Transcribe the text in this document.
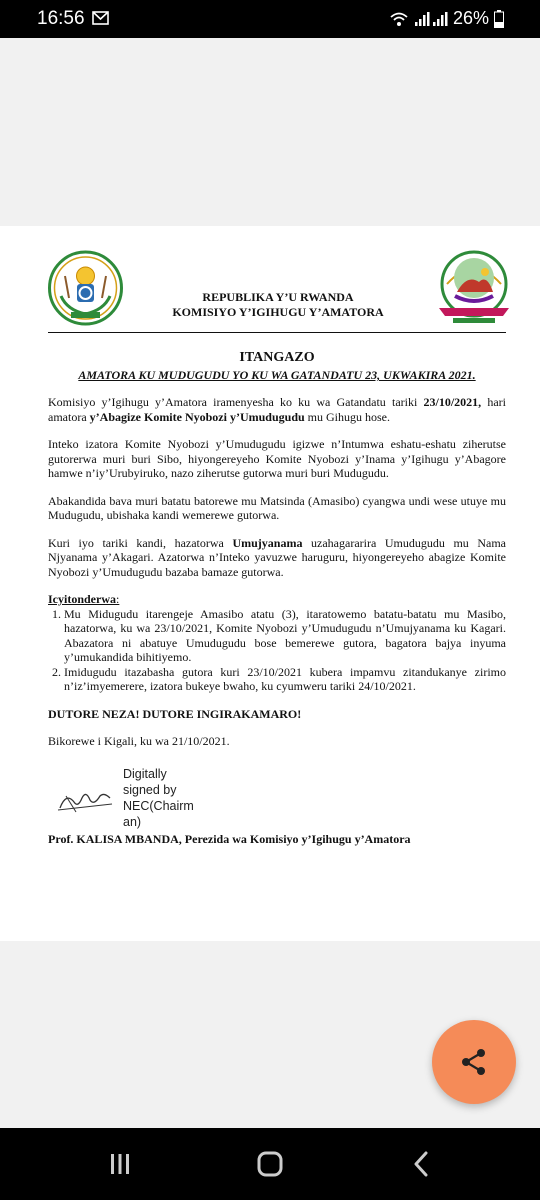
16:56	26%
REPUBLIKA Y’U RWANDA
KOMISIYO Y’IGIHUGU Y’AMATORA
ITANGAZO
AMATORA KU MUDUGUDU YO KU WA GATANDATU 23, UKWAKIRA 2021.

Komisiyo y’Igihugu y’Amatora iramenyesha ko ku wa Gatandatu tariki 23/10/2021, hari amatora y’Abagize Komite Nyobozi y’Umudugudu mu Gihugu hose.

Inteko izatora Komite Nyobozi y’Umudugudu igizwe n’Intumwa eshatu-eshatu ziherutse gutorerwa muri buri Sibo, hiyongereyeho Komite Nyobozi y’Inama y’Igihugu y’Abagore hamwe n’iy’Urubyiruko, nazo ziherutse gutorwa muri buri Mudugudu.

Abakandida bava muri batatu batorewe mu Matsinda (Amasibo) cyangwa undi wese utuye mu Mudugudu, ubishaka kandi wemerewe gutorwa.

Kuri iyo tariki kandi, hazatorwa Umujyanama uzahagararira Umudugudu mu Nama Njyanama y’Akagari. Azatorwa n’Inteko yavuzwe haruguru, hiyongereyeho abagize Komite Nyobozi y’Umudugudu bazaba bamaze gutorwa.

Icyitonderwa:
1. Mu Midugudu itarengeje Amasibo atatu (3), itaratowemo batatu-batatu mu Masibo, hazatorwa, ku wa 23/10/2021, Komite Nyobozi y’Umudugudu n’Umujyanama ku Kagari. Abazatora ni abatuye Umudugudu bose bemerewe gutora, bagatora bajya inyuma y’umukandida bihitiyemo.
2. Imidugudu itazabasha gutora kuri 23/10/2021 kubera impamvu zitandukanye zirimo n’iz’imyemerere, izatora bukeye bwaho, ku cyumweru tariki 24/10/2021.

DUTORE NEZA! DUTORE INGIRAKAMARO!

Bikorewe i Kigali, ku wa 21/10/2021.

Digitally
signed by
NEC(Chairm
an)
Prof. KALISA MBANDA, Perezida wa Komisiyo y’Igihugu y’Amatora
